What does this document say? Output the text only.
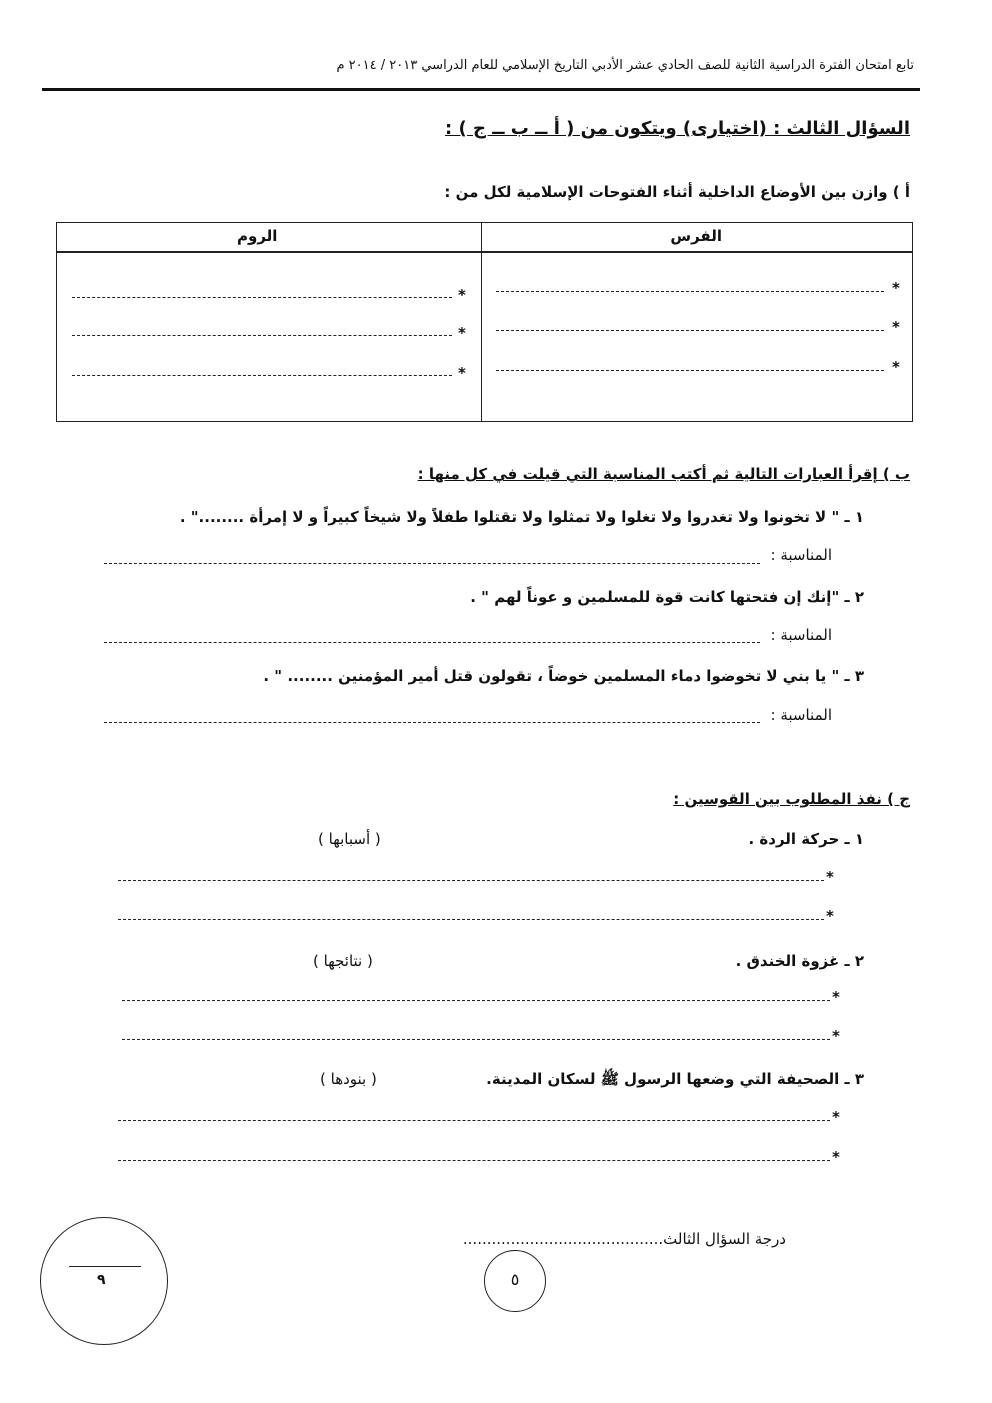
تابع امتحان الفترة الدراسية الثانية للصف الحادي عشر الأدبي التاريخ الإسلامي للعام الدراسي ٢٠١٣ / ٢٠١٤ م
السؤال الثالث : (اختيارى) ويتكون من ( أ ــ ب ــ ج ) :
أ ) وازن بين الأوضاع الداخلية أثناء الفتوحات الإسلامية لكل من :
الفرس
الروم
*
*
*
*
*
*
ب ) إقرأ العبارات التالية ثم أكتب المناسبة التي قيلت في كل منها :
١ ـ " لا تخونوا ولا تغدروا ولا تغلوا ولا تمثلوا ولا تقتلوا طفلاً ولا شيخاً كبيراً و لا إمرأة ........" .
المناسبة :
٢ ـ "إنك إن فتحتها كانت قوة للمسلمين و عوناً لهم " .
المناسبة :
٣ ـ " يا بني لا تخوضوا دماء المسلمين خوضاً ، تقولون قتل أمير المؤمنين ........ " .
المناسبة :
ج ) نفذ المطلوب بين القوسين :
١ ـ حركة الردة .
( أسبابها )
*
*
٢ ـ غزوة الخندق .
( نتائجها )
*
*
٣ ـ الصحيفة التي وضعها الرسول ﷺ لسكان المدينة.
( بنودها )
*
*
درجة السؤال الثالث..........................................
٩	٥
